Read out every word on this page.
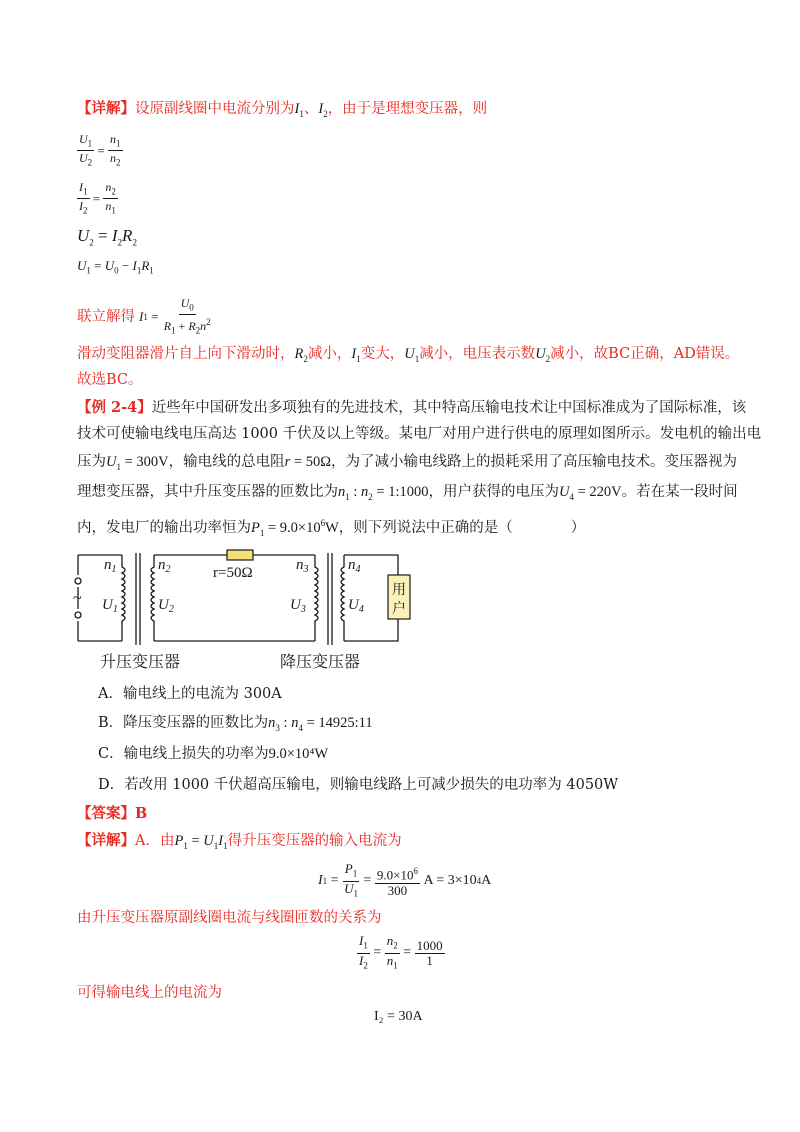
【详解】设原副线圈中电流分别为$I_1$、$I_2$，由于是理想变压器，则
$\frac{U_1}{U_2} = \frac{n_1}{n_2}$
$\frac{I_1}{I_2} = \frac{n_2}{n_1}$
$U_2 = I_2R_2$
$U_1 = U_0 - I_1R_1$
联立解得 I $1 = \frac{U_0}{R_1 + R_2n^2}$
滑动变阻器滑片自上向下滑动时，$R_2$减小，$I_1$变大，$U_1$减小，电压表示数$U_2$减小，故BC正确，AD错误。
故选BC。
【例 2-4】近些年中国研发出多项独有的先进技术，其中特高压输电技术让中国标准成为了国际标准，该
技术可使输电线电压高达 1000 千伏及以上等级。某电厂对用户进行供电的原理如图所示。发电机的输出电
压为$U_1 = 300V$，输电线的总电阻r = 50Ω，为了减小输电线路上的损耗采用了高压输电技术。变压器视为
理想变压器，其中升压变压器的匝数比为$n_1$ : $n_2$ = 1:1000，用户获得的电压为$U_4 = 220V$。若在某一段时间
内，发电厂的输出功率恒为$P_1 = 9.0\times 10^6W$，则下列说法中正确的是（　　　　）
用
户
~
$n_1$
$U_1$
$n_2$
$U_2$
r=50Ω	$n_3$
$U_3$
$n_4$
$U_4$
升压变压器	降压变压器
A．输电线上的电流为 300A
B．降压变压器的匝数比为$n_3$ : $n_4$ = 14925:11
C．输电线上损失的功率为9.0×10⁴W
D．若改用 1000 千伏超高压输电，则输电线路上可减少损失的电功率为 4050W
【答案】B
【详解】A．由$P_1 = U_1I_1$得升压变压器的输入电流为
I $1 = \frac{P_1}{U_1} = \frac{9.0\times 10^6}{300}$ A = 3×10 4 A
由升压变压器原副线圈电流与线圈匝数的关系为
$\frac{I_1}{I_2} = \frac{n_2}{n_1} = \frac{1000}{1}$
可得输电线上的电流为
I₂ = 30A
